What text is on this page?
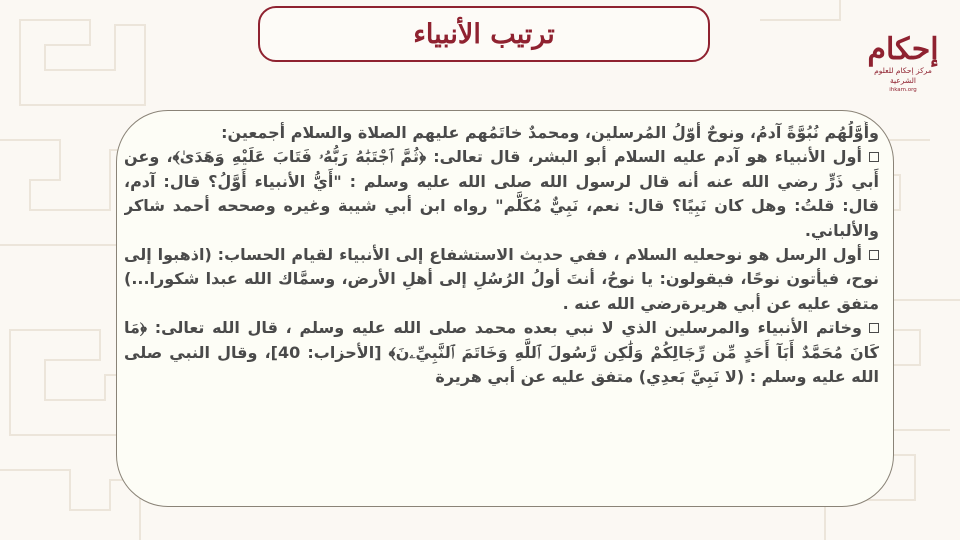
ترتيب الأنبياء	إحكام
مركز إحكام للعلوم الشرعية
ihkam.org

وأَوَّلُهُم نُبُوَّةً آدمُ، ونوحٌ أوّلُ المُرسلين، ومحمدٌ خاتَمُهم عليهم الصلاة والسلام أجمعين:

أول الأنبياء هو آدم عليه السلام أبو البشر، قال تعالى: ﴿ثُمَّ ٱجْتَبَٰهُ رَبُّهُۥ فَتَابَ عَلَيْهِ وَهَدَىٰ﴾، وعن أَبي ذَرٍّ رضي الله عنه أنه قال لرسول الله صلى الله عليه وسلم : "أَيُّ الأنبياء أَوَّلُ؟ قال: آدم، قال: قلتُ: وهل كان نَبِيًا؟ قال: نعم، نَبِيٌّ مُكَلَّم" رواه ابن أبي شيبة وغيره وصححه أحمد شاكر والألباني.

أول الرسل هو نوحعليه السلام ، ففي حديث الاستشفاع إلى الأنبياء لقيام الحساب: (اذهبوا إلى نوح، فيأتون نوحًا، فيقولون: يا نوحُ، أنتَ أولُ الرُسُلِ إلى أهلِ الأرض، وسمَّاك الله عبدا شكورا...) متفق عليه عن أبي هريرةرضي الله عنه .

وخاتم الأنبياء والمرسلين الذي لا نبي بعده محمد صلى الله عليه وسلم ، قال الله تعالى: ﴿مَا كَانَ مُحَمَّدٌ أَبَآ أَحَدٍ مِّن رِّجَالِكُمْ وَلَٰكِن رَّسُولَ ٱللَّهِ وَخَاتَمَ ٱلنَّبِيِّۦنَ﴾ [الأحزاب: 40]، وقال النبي صلى الله عليه وسلم : (لا نَبِيَّ بَعدِي) متفق عليه عن أبي هريرة
